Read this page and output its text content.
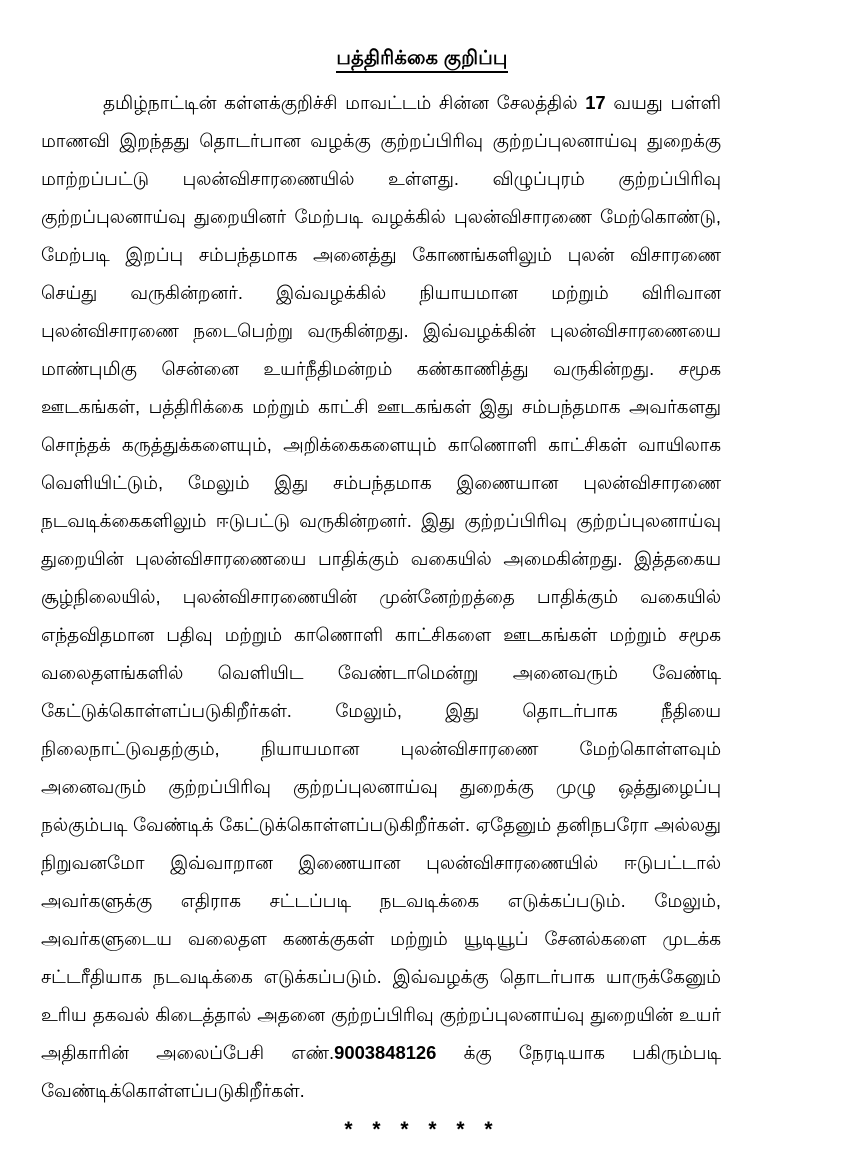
பத்திரிக்கை குறிப்பு

தமிழ்நாட்டின் கள்ளக்குறிச்சி மாவட்டம் சின்ன சேலத்தில் 17 வயது பள்ளி மாணவி இறந்தது தொடர்பான வழக்கு குற்றப்பிரிவு குற்றப்புலனாய்வு துறைக்கு மாற்றப்பட்டு புலன்விசாரணையில் உள்ளது. விழுப்புரம் குற்றப்பிரிவு குற்றப்புலனாய்வு துறையினர் மேற்படி வழக்கில் புலன்விசாரணை மேற்கொண்டு, மேற்படி இறப்பு சம்பந்தமாக அனைத்து கோணங்களிலும் புலன் விசாரணை செய்து வருகின்றனர். இவ்வழக்கில் நியாயமான மற்றும் விரிவான புலன்விசாரணை நடைபெற்று வருகின்றது. இவ்வழக்கின் புலன்விசாரணையை மாண்புமிகு சென்னை உயர்நீதிமன்றம் கண்காணித்து வருகின்றது. சமூக ஊடகங்கள், பத்திரிக்கை மற்றும் காட்சி ஊடகங்கள் இது சம்பந்தமாக அவர்களது சொந்தக் கருத்துக்களையும், அறிக்கைகளையும் காணொளி காட்சிகள் வாயிலாக வெளியிட்டும், மேலும் இது சம்பந்தமாக இணையான புலன்விசாரணை நடவடிக்கைகளிலும் ஈடுபட்டு வருகின்றனர். இது குற்றப்பிரிவு குற்றப்புலனாய்வு துறையின் புலன்விசாரணையை பாதிக்கும் வகையில் அமைகின்றது. இத்தகைய சூழ்நிலையில், புலன்விசாரணையின் முன்னேற்றத்தை பாதிக்கும் வகையில் எந்தவிதமான பதிவு மற்றும் காணொளி காட்சிகளை ஊடகங்கள் மற்றும் சமூக வலைதளங்களில் வெளியிட வேண்டாமென்று அனைவரும் வேண்டி கேட்டுக்கொள்ளப்படுகிறீர்கள். மேலும், இது தொடர்பாக நீதியை நிலைநாட்டுவதற்கும், நியாயமான புலன்விசாரணை மேற்கொள்ளவும் அனைவரும் குற்றப்பிரிவு குற்றப்புலனாய்வு துறைக்கு முழு ஒத்துழைப்பு நல்கும்படி வேண்டிக் கேட்டுக்கொள்ளப்படுகிறீர்கள். ஏதேனும் தனிநபரோ அல்லது நிறுவனமோ இவ்வாறான இணையான புலன்விசாரணையில் ஈடுபட்டால் அவர்களுக்கு எதிராக சட்டப்படி நடவடிக்கை எடுக்கப்படும். மேலும், அவர்களுடைய வலைதள கணக்குகள் மற்றும் யூடியூப் சேனல்களை முடக்க சட்டரீதியாக நடவடிக்கை எடுக்கப்படும். இவ்வழக்கு தொடர்பாக யாருக்கேனும் உரிய தகவல் கிடைத்தால் அதனை குற்றப்பிரிவு குற்றப்புலனாய்வு துறையின் உயர் அதிகாரின் அலைப்பேசி எண்.9003848126 க்கு நேரடியாக பகிரும்படி வேண்டிக்கொள்ளப்படுகிறீர்கள்.

* * * * * *
